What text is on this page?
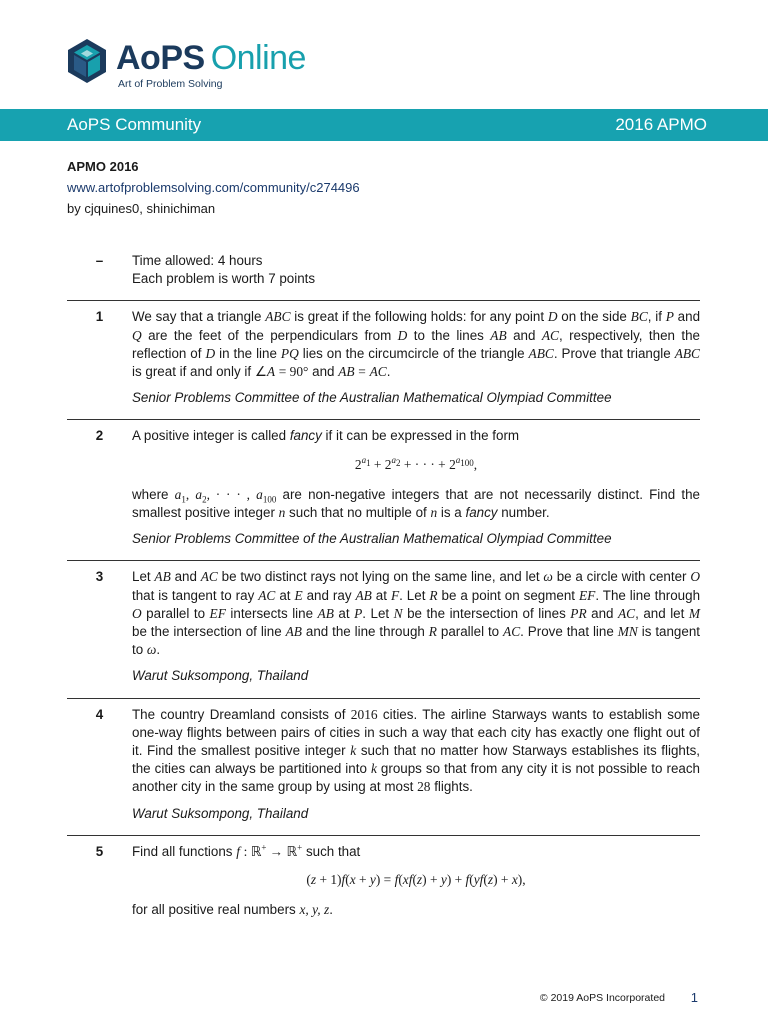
AoPS Online
Art of Problem Solving
AoPS Community	2016 APMO
APMO 2016
www.artofproblemsolving.com/community/c274496
by cjquines0, shinichiman
–	Time allowed: 4 hours
Each problem is worth 7 points
1	We say that a triangle ABC is great if the following holds: for any point D on the side BC, if P and Q are the feet of the perpendiculars from D to the lines AB and AC, respectively, then the reflection of D in the line PQ lies on the circumcircle of the triangle ABC. Prove that triangle ABC is great if and only if ∠A = 90° and AB = AC.

Senior Problems Committee of the Australian Mathematical Olympiad Committee
2	A positive integer is called fancy if it can be expressed in the form

$2^{a_1} + 2^{a_2}$ + · · · + $2^{a_{100}}$,

where $a_1$, $a_2$, · · · , $a_{100}$ are non-negative integers that are not necessarily distinct. Find the smallest positive integer n such that no multiple of n is a fancy number.

Senior Problems Committee of the Australian Mathematical Olympiad Committee
3	Let AB and AC be two distinct rays not lying on the same line, and let ω be a circle with center O that is tangent to ray AC at E and ray AB at F. Let R be a point on segment EF. The line through O parallel to EF intersects line AB at P. Let N be the intersection of lines PR and AC, and let M be the intersection of line AB and the line through R parallel to AC. Prove that line MN is tangent to ω.

Warut Suksompong, Thailand
4	The country Dreamland consists of 2016 cities. The airline Starways wants to establish some one-way flights between pairs of cities in such a way that each city has exactly one flight out of it. Find the smallest positive integer k such that no matter how Starways establishes its flights, the cities can always be partitioned into k groups so that from any city it is not possible to reach another city in the same group by using at most 28 flights.

Warut Suksompong, Thailand
5	Find all functions f : ℝ+ → ℝ+ such that

(z + 1)f(x + y) = f(xf(z) + y) + f(yf(z) + x),

for all positive real numbers x, y, z.

© 2019 AoPS Incorporated 1
